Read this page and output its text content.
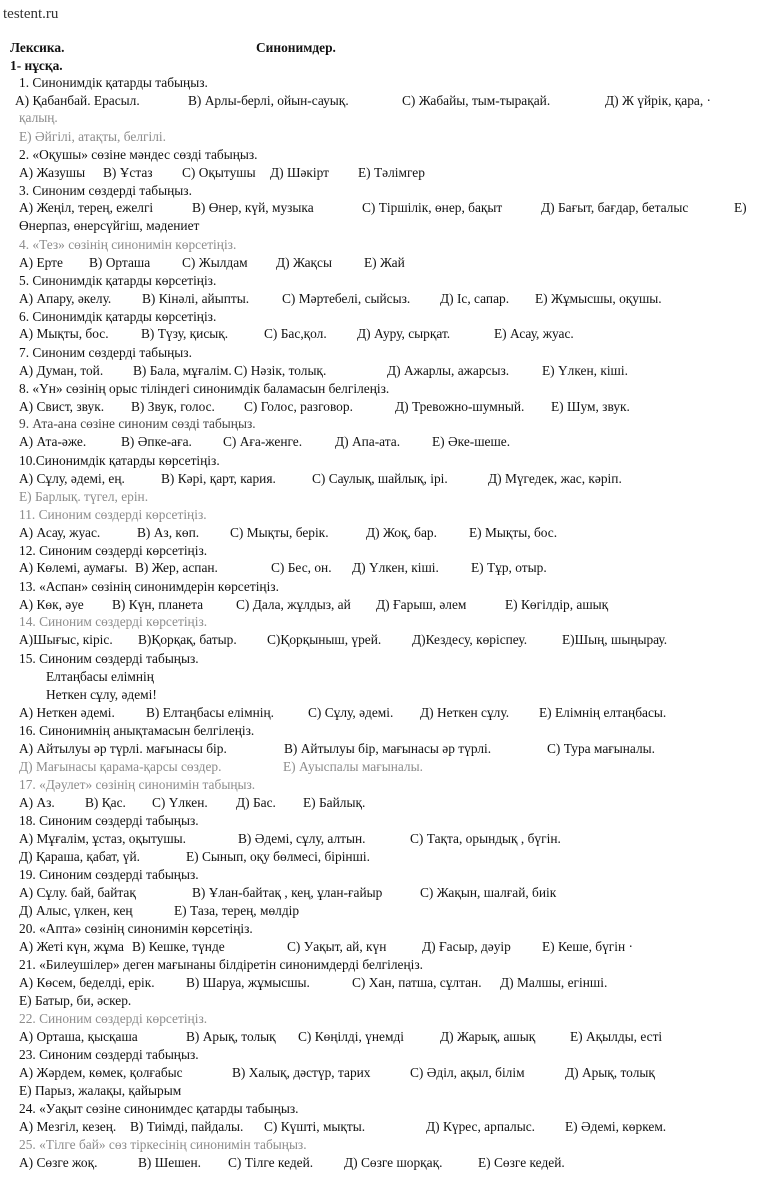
testent.ru
Лексика.	Синонимдер.
1- нұсқа.
1. Синонимдік қатарды табыңыз.
А) Қабанбай. Ерасыл.	В) Арлы-берлі, ойын-сауық.	С) Жабайы, тым-тырақай.	Д) Ж үйрік, қара, ·
қалың.
Е) Әйгілі, атақты, белгілі.
2. «Оқушы» сөзіне мәндес сөзді табыңыз.
А) Жазушы В) Ұстаз С) Оқытушы Д) Шәкірт Е) Тәлімгер
3. Синоним сөздерді табыңыз.
А) Жеңіл, терең, ежелгі	В) Өнер, күй, музыка	С) Тіршілік, өнер, бақыт	Д) Бағыт, бағдар, беталыс	Е)
Өнерпаз, өнерсүйгіш, мәдениет
4. «Тез» сөзінің синонимін көрсетіңіз.
А) Ерте В) Орташа С) Жылдам Д) Жақсы Е) Жай
5. Синонимдік қатарды көрсетіңіз.
А) Апару, әкелу. В) Кінәлі, айыпты. С) Мәртебелі, сыйсыз. Д) Іс, сапар. Е) Жұмысшы, оқушы.
6. Синонимдік қатарды көрсетіңіз.
А) Мықты, бос. В) Түзу, қисық.	С) Бас,қол. Д) Ауру, сырқат.	Е) Асау, жуас.
7. Синоним сөздерді табыңыз.
А) Думан, той. В) Бала, мұғалім. С) Нәзік, толық.	Д) Ажарлы, ажарсыз. Е) Үлкен, кіші.
8. «Үн» сөзінің орыс тіліндегі синонимдік баламасын белгілеңіз.
А) Свист, звук. В) Звук, голос. С) Голос, разговор.	Д) Тревожно-шумный. Е) Шум, звук.
9. Ата-ана сөзіне синоним сөзді табыңыз.
А) Ата-әже.	В) Әпке-аға. С) Аға-женге. Д) Апа-ата. Е) Әке-шеше.
10.Синонимдік қатарды көрсетіңіз.
А) Сұлу, әдемі, ең.	В) Кәрі, қарт, кария.	С) Саулық, шайлық, ірі.	Д) Мүгедек, жас, кәріп.
Е) Барлық. түгел, ерін.
11. Синоним сөздерді көрсетіңіз.
А) Асау, жуас.	В) Аз, көп. С) Мықты, берік.	Д) Жоқ, бар. Е) Мықты, бос.
12. Синоним сөздерді көрсетіңіз.
А) Көлемі, аумағы. В) Жер, аспан.	С) Бес, он. Д) Үлкен, кіші. Е) Тұр, отыр.
13. «Аспан» сөзінің синонимдерін көрсетіңіз.
А) Көк, әуе В) Күн, планета С) Дала, жұлдыз, ай Д) Ғарыш, әлем	Е) Көгілдір, ашық
14. Синоним сөздерді көрсетіңіз.
А)Шығыс, кіріс. В)Қорқақ, батыр. С)Қорқыныш, үрей. Д)Кездесу, көріспеу.	Е)Шың, шыңырау.
15. Синоним сөздерді табыңыз.
Елтаңбасы елімнің
Неткен сұлу, әдемі!
А) Неткен әдемі. В) Елтаңбасы елімнің.	С) Сұлу, әдемі. Д) Неткен сұлу. Е) Елімнің елтаңбасы.
16. Синонимнің анықтамасын белгілеңіз.
А) Айтылуы әр түрлі. мағынасы бір.	В) Айтылуы бір, мағынасы әр түрлі.	С) Тура мағыналы.
Д) Мағынасы қарама-қарсы сөздер.	Е) Ауыспалы мағыналы.
17. «Дәулет» сөзінің синонимін табыңыз.
А) Аз. В) Қас. С) Үлкен. Д) Бас. Е) Байлық.
18. Синоним сөздерді табыңыз.
А) Мұғалім, ұстаз, оқытушы.	В) Әдемі, сұлу, алтын.	С) Тақта, орындық , бүгін.
Д) Қараша, қабат, үй.	Е) Сынып, оқу бөлмесі, біріншi.
19. Синоним сөздерді табыңыз.
А) Сұлу. бай, байтақ	В) Ұлан-байтақ , кең, ұлан-ғайыр	С) Жақын, шалғай, биік
Д) Алыс, үлкен, кең	Е) Таза, терең, мөлдір
20. «Апта» сөзінің синонимін көрсетіңіз.
А) Жеті күн, жұма В) Кешке, түнде	С) Уақыт, ай, күн	Д) Ғасыр, дәуір Е) Кеше, бүгін ·
21. «Билеушілер» деген мағынаны білдіретін синонимдерді белгілеңіз.
А) Көсем, беделді, ерік. В) Шаруа, жұмысшы.	С) Хан, патша, сұлтан. Д) Малшы, егінші.
Е) Батыр, би, әскер.
22. Синоним сөздерді көрсетіңіз.
А) Орташа, қысқаша	В) Арық, толық С) Көңілді, үнемді	Д) Жарық, ашық	Е) Ақылды, есті
23. Синоним сөздерді табыңыз.
А) Жәрдем, көмек, қолғабыс	В) Халық, дәстүр, тарих	С) Әділ, ақыл, білім	Д) Арық, толық
Е) Парыз, жалақы, қайырым
24. «Уақыт сөзіне синонимдес қатарды табыңыз.
А) Мезгіл, кезең. В) Тиімді, пайдалы. С) Күшті, мықты.	Д) Күрес, арпалыс. Е) Әдемі, көркем.
25. «Тілге бай» сөз тіркесінің синонимін табыңыз.
А) Сөзге жоқ.	В) Шешен. С) Тілге кедей. Д) Сөзге шорқақ.	Е) Сөзге кедей.
